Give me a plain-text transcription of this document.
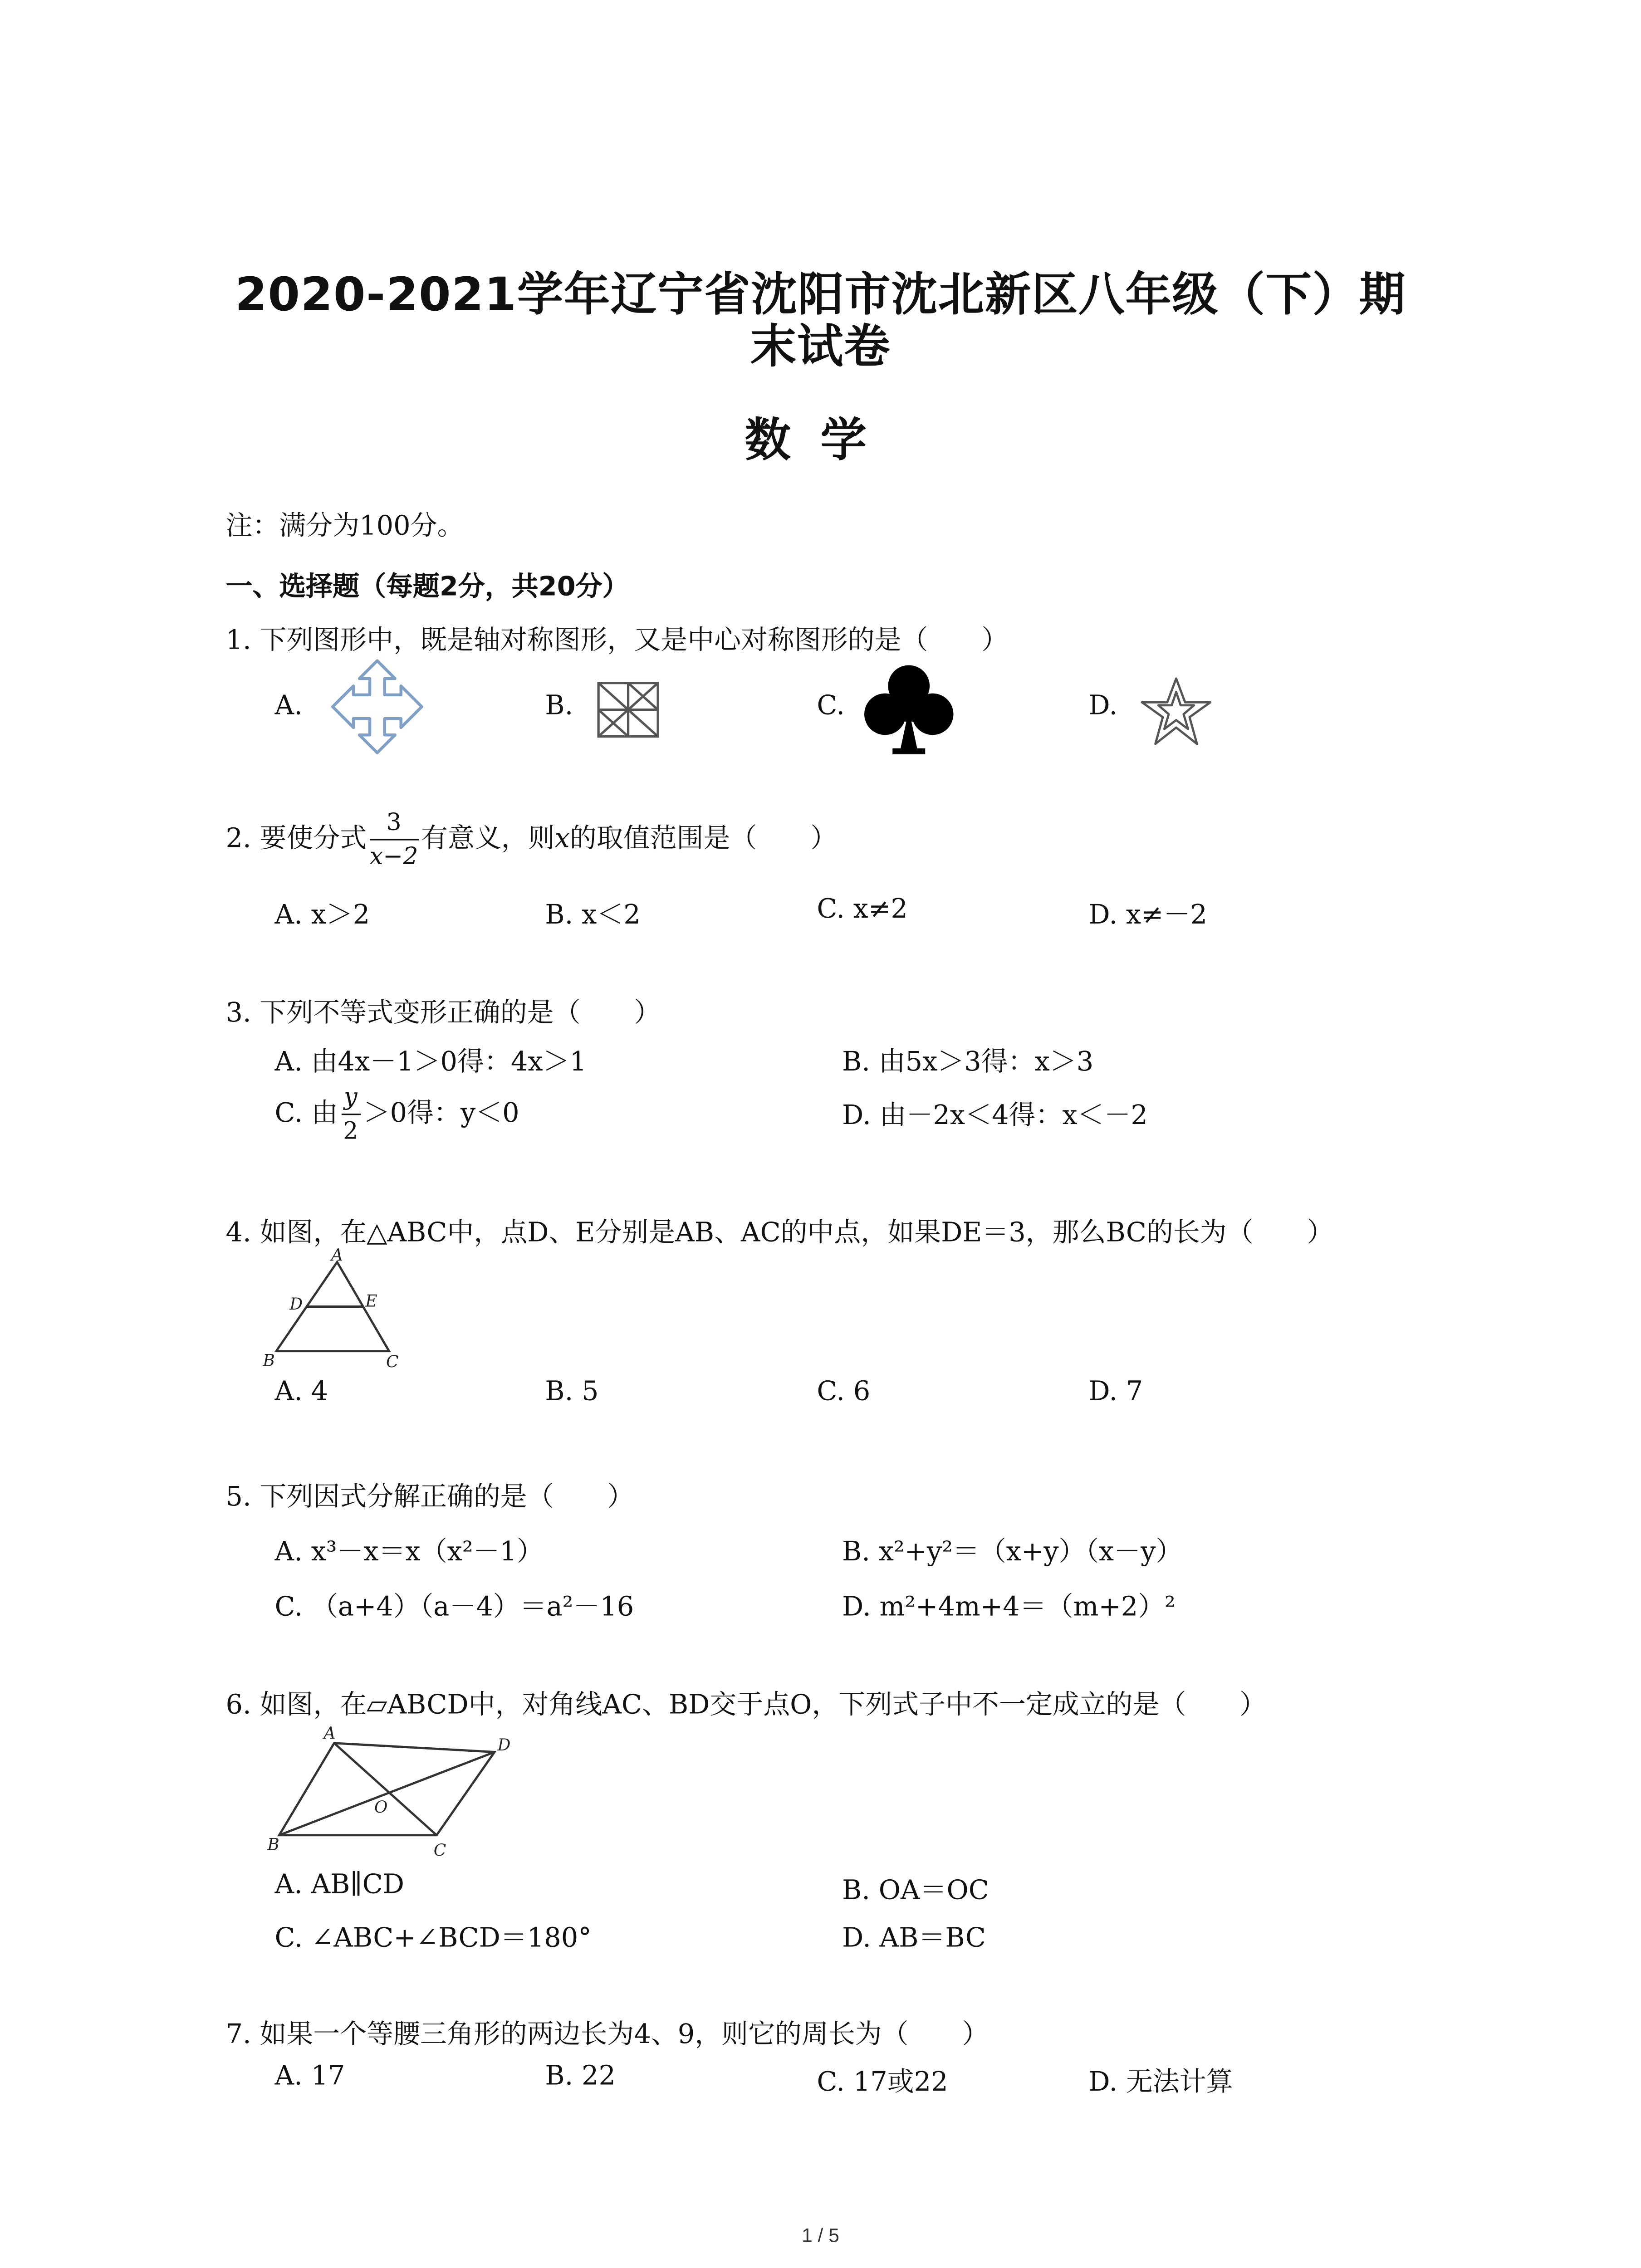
2020-2021学年辽宁省沈阳市沈北新区八年级（下）期
末试卷
数学
注：满分为100分。
一、选择题（每题2分，共20分）
1. 下列图形中，既是轴对称图形，又是中心对称图形的是（　　）
A.	B.	C.	D.
2. 要使分式 $\frac{3}{x-2}$ 有意义，则x的取值范围是（　　）
A. x＞2	B. x＜2	C. x≠2	D. x≠－2
3. 下列不等式变形正确的是（　　）
A. 由4x－1＞0得：4x＞1	B. 由5x＞3得：x＞3
C. 由 $\frac{y}{2} >0$得：y＜0	D. 由－2x＜4得：x＜－2
4. 如图，在△ABC中，点D、E分别是AB、AC的中点，如果DE＝3，那么BC的长为（　　）
A
D	E
B	C
A. 4	B. 5	C. 6	D. 7
5. 下列因式分解正确的是（　　）
A. x³－x＝x（x²－1）	B. x²+y²＝（x+y）（x－y）
C. （a+4）（a－4）＝a²－16	D. m²+4m+4＝（m+2）²
6. 如图，在▱ABCD中，对角线AC、BD交于点O，下列式子中不一定成立的是（　　）
A
D
O
B	C
A. AB∥CD	B. OA＝OC
C. ∠ABC+∠BCD＝180°	D. AB＝BC
7. 如果一个等腰三角形的两边长为4、9，则它的周长为（　　）
A. 17	B. 22	C. 17或22	D. 无法计算
1 / 5
